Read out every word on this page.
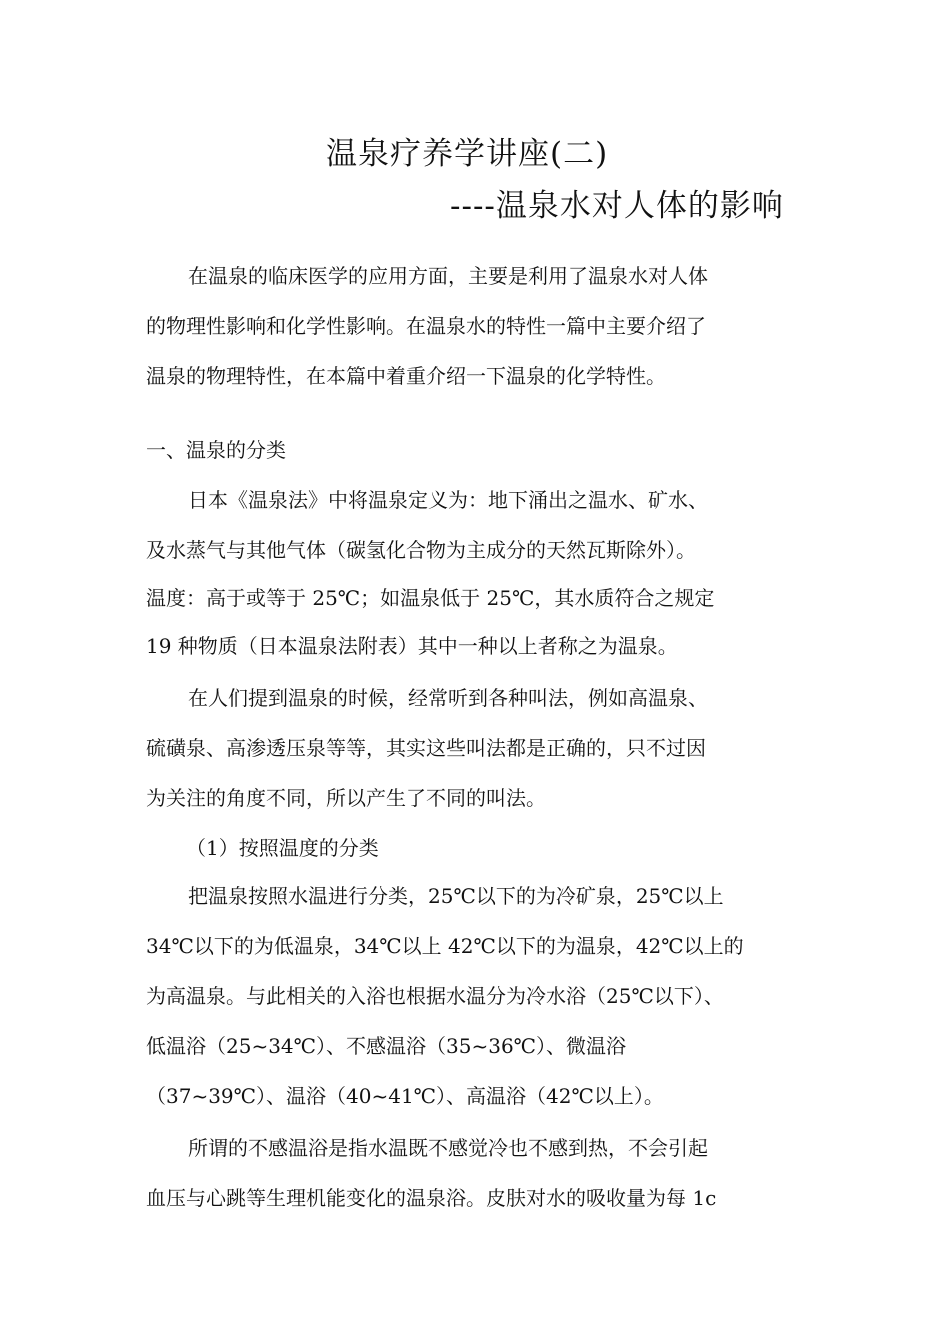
温泉疗养学讲座(二)
----温泉水对人体的影响
在温泉的临床医学的应用方面，主要是利用了温泉水对人体
的物理性影响和化学性影响。在温泉水的特性一篇中主要介绍了
温泉的物理特性，在本篇中着重介绍一下温泉的化学特性。
一、温泉的分类
日本《温泉法》中将温泉定义为：地下涌出之温水、矿水、
及水蒸气与其他气体（碳氢化合物为主成分的天然瓦斯除外）。
温度：高于或等于 25℃；如温泉低于 25℃，其水质符合之规定
19 种物质（日本温泉法附表）其中一种以上者称之为温泉。
在人们提到温泉的时候，经常听到各种叫法，例如高温泉、
硫磺泉、高渗透压泉等等，其实这些叫法都是正确的，只不过因
为关注的角度不同，所以产生了不同的叫法。
（1）按照温度的分类
把温泉按照水温进行分类，25℃以下的为冷矿泉，25℃以上
34℃以下的为低温泉，34℃以上 42℃以下的为温泉，42℃以上的
为高温泉。与此相关的入浴也根据水温分为冷水浴（25℃以下）、
低温浴（25~34℃）、不感温浴（35~36℃）、微温浴
（37~39℃）、温浴（40~41℃）、高温浴（42℃以上）。
所谓的不感温浴是指水温既不感觉冷也不感到热，不会引起
血压与心跳等生理机能变化的温泉浴。皮肤对水的吸收量为每 1c
